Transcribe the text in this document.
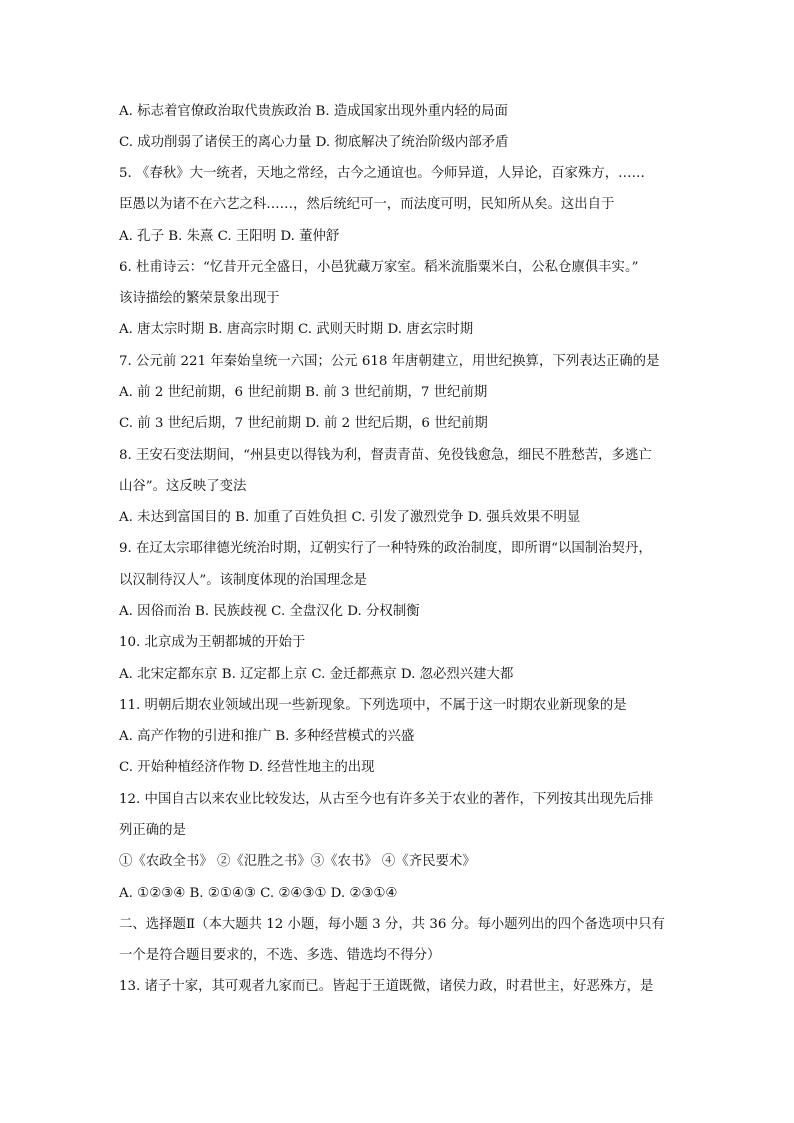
A. 标志着官僚政治取代贵族政治 B. 造成国家出现外重内轻的局面
C. 成功削弱了诸侯王的离心力量 D. 彻底解决了统治阶级内部矛盾
5. 《春秋》大一统者，天地之常经，古今之通谊也。今师异道，人异论，百家殊方，……
臣愚以为诸不在六艺之科……，然后统纪可一，而法度可明，民知所从矣。这出自于
A. 孔子 B. 朱熹 C. 王阳明 D. 董仲舒
6. 杜甫诗云：“忆昔开元全盛日，小邑犹藏万家室。稻米流脂粟米白，公私仓廪俱丰实。”
该诗描绘的繁荣景象出现于
A. 唐太宗时期 B. 唐高宗时期 C. 武则天时期 D. 唐玄宗时期
7. 公元前 221 年秦始皇统一六国；公元 618 年唐朝建立，用世纪换算，下列表达正确的是
A. 前 2 世纪前期，6 世纪前期 B. 前 3 世纪前期，7 世纪前期
C. 前 3 世纪后期，7 世纪前期 D. 前 2 世纪后期，6 世纪前期
8. 王安石变法期间，“州县吏以得钱为利，督责青苗、免役钱愈急，细民不胜愁苦，多逃亡
山谷”。这反映了变法
A. 未达到富国目的 B. 加重了百姓负担 C. 引发了激烈党争 D. 强兵效果不明显
9. 在辽太宗耶律德光统治时期，辽朝实行了一种特殊的政治制度，即所谓“以国制治契丹，
以汉制待汉人”。该制度体现的治国理念是
A. 因俗而治 B. 民族歧视 C. 全盘汉化 D. 分权制衡
10. 北京成为王朝都城的开始于
A. 北宋定都东京 B. 辽定都上京 C. 金迁都燕京 D. 忽必烈兴建大都
11. 明朝后期农业领域出现一些新现象。下列选项中，不属于这一时期农业新现象的是
A. 高产作物的引进和推广 B. 多种经营模式的兴盛
C. 开始种植经济作物 D. 经营性地主的出现
12. 中国自古以来农业比较发达，从古至今也有许多关于农业的著作，下列按其出现先后排
列正确的是
①《农政全书》 ②《氾胜之书》③《农书》 ④《齐民要术》
A. ①②③④ B. ②①④③ C. ②④③① D. ②③①④
二、选择题Ⅱ（本大题共 12 小题，每小题 3 分，共 36 分。每小题列出的四个备选项中只有
一个是符合题目要求的，不选、多选、错选均不得分）
13. 诸子十家，其可观者九家而已。皆起于王道既微，诸侯力政，时君世主，好恶殊方，是
